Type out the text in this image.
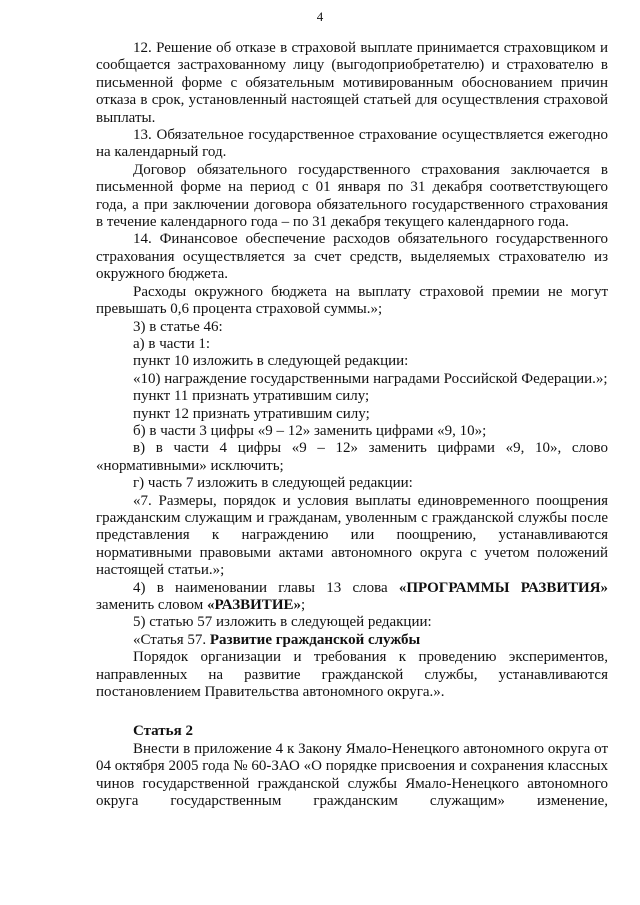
4

12. Решение об отказе в страховой выплате принимается страховщиком и сообщается застрахованному лицу (выгодоприобретателю) и страхователю в письменной форме с обязательным мотивированным обоснованием причин отказа в срок, установленный настоящей статьей для осуществления страховой выплаты.

13. Обязательное государственное страхование осуществляется ежегодно на календарный год.

Договор обязательного государственного страхования заключается в письменной форме на период с 01 января по 31 декабря соответствующего года, а при заключении договора обязательного государственного страхования в течение календарного года – по 31 декабря текущего календарного года.

14. Финансовое обеспечение расходов обязательного государственного страхования осуществляется за счет средств, выделяемых страхователю из окружного бюджета.

Расходы окружного бюджета на выплату страховой премии не могут превышать 0,6 процента страховой суммы.»;

3) в статье 46:

а) в части 1:

пункт 10 изложить в следующей редакции:

«10) награждение государственными наградами Российской Федерации.»;

пункт 11 признать утратившим силу;

пункт 12 признать утратившим силу;

б) в части 3 цифры «9 – 12» заменить цифрами «9, 10»;

в) в части 4 цифры «9 – 12» заменить цифрами «9, 10», слово «нормативными» исключить;

г) часть 7 изложить в следующей редакции:

«7. Размеры, порядок и условия выплаты единовременного поощрения гражданским служащим и гражданам, уволенным с гражданской службы после представления к награждению или поощрению, устанавливаются нормативными правовыми актами автономного округа с учетом положений настоящей статьи.»;

4) в наименовании главы 13 слова «ПРОГРАММЫ РАЗВИТИЯ» заменить словом «РАЗВИТИЕ»;

5) статью 57 изложить в следующей редакции:

«Статья 57. Развитие гражданской службы

Порядок организации и требования к проведению экспериментов, направленных на развитие гражданской службы, устанавливаются постановлением Правительства автономного округа.».

Статья 2

Внести в приложение 4 к Закону Ямало-Ненецкого автономного округа от 04 октября 2005 года № 60-ЗАО «О порядке присвоения и сохранения классных чинов государственной гражданской службы Ямало-Ненецкого автономного округа государственным гражданским служащим» изменение,
